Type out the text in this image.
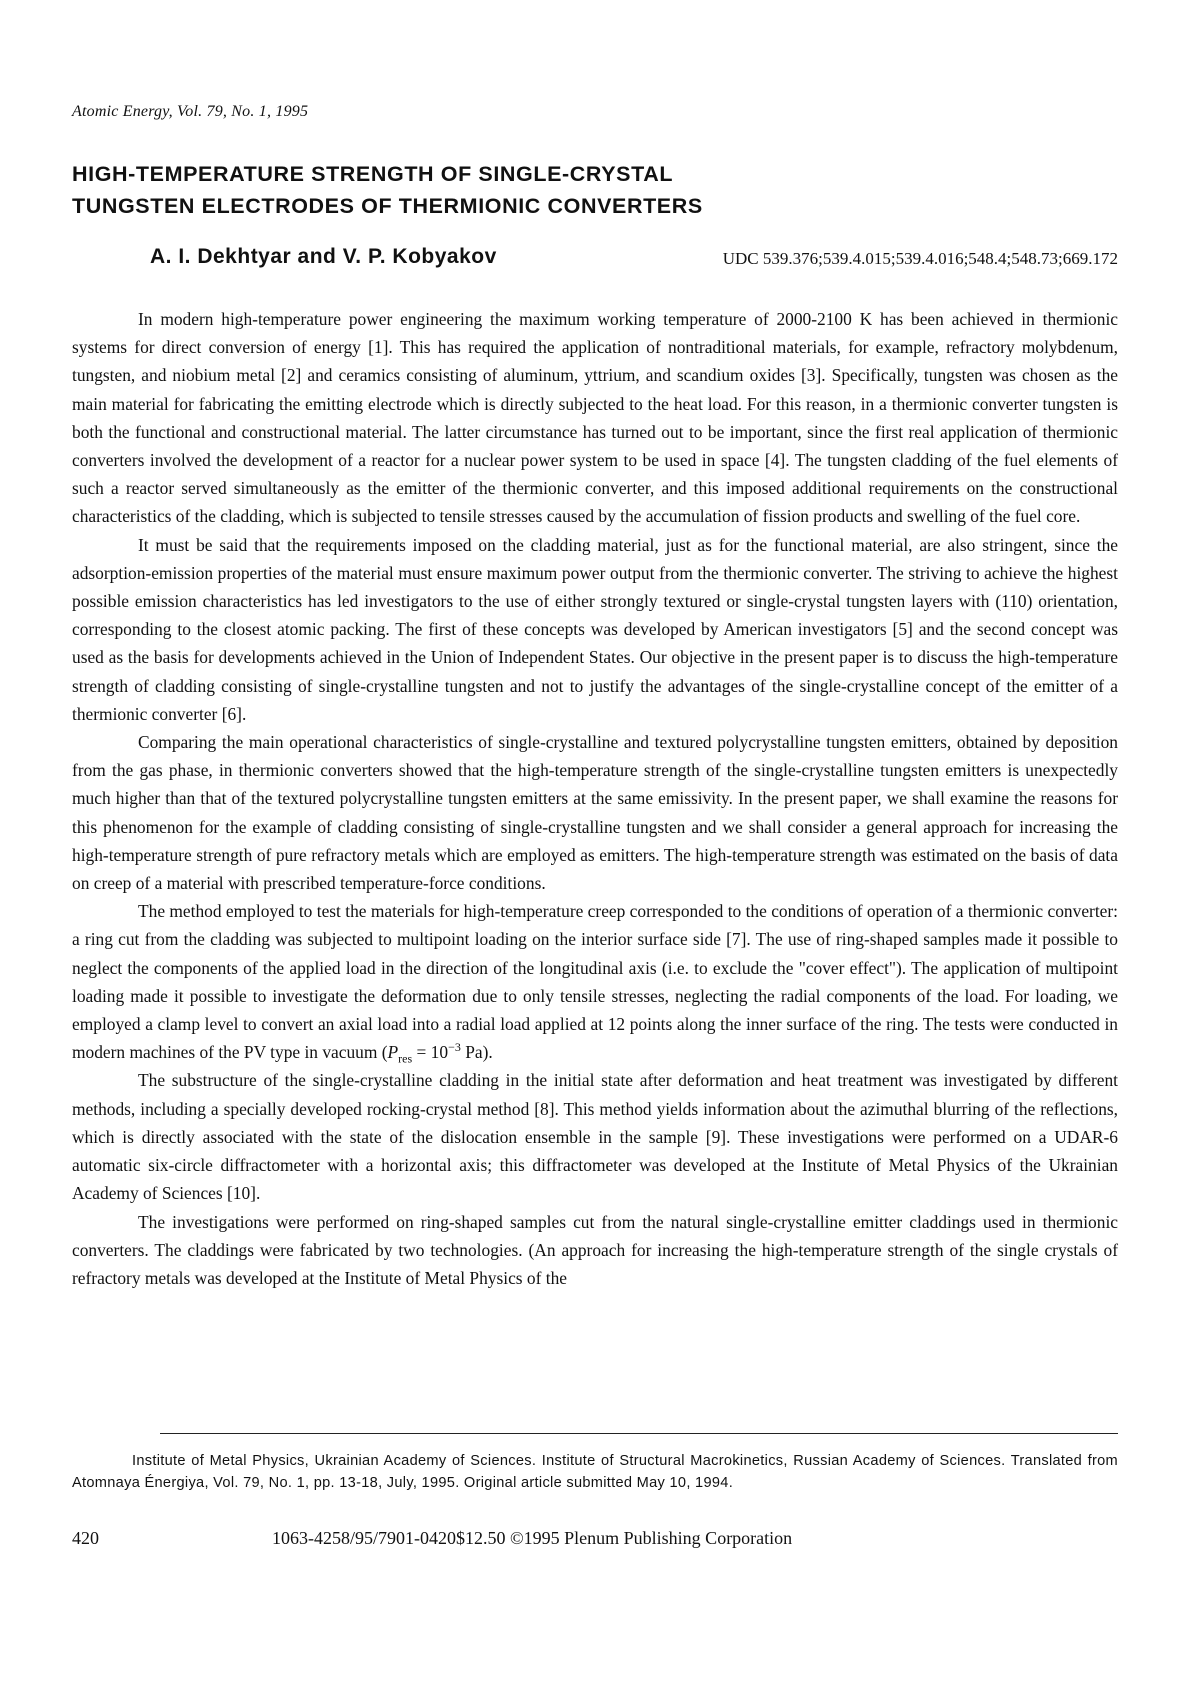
Atomic Energy, Vol. 79, No. 1, 1995
HIGH-TEMPERATURE STRENGTH OF SINGLE-CRYSTAL
TUNGSTEN ELECTRODES OF THERMIONIC CONVERTERS
A. I. Dekhtyar and V. P. Kobyakov	UDC 539.376;539.4.015;539.4.016;548.4;548.73;669.172

In modern high-temperature power engineering the maximum working temperature of 2000-2100 K has been achieved in thermionic systems for direct conversion of energy [1]. This has required the application of nontraditional materials, for example, refractory molybdenum, tungsten, and niobium metal [2] and ceramics consisting of aluminum, yttrium, and scandium oxides [3]. Specifically, tungsten was chosen as the main material for fabricating the emitting electrode which is directly subjected to the heat load. For this reason, in a thermionic converter tungsten is both the functional and constructional material. The latter circumstance has turned out to be important, since the first real application of thermionic converters involved the development of a reactor for a nuclear power system to be used in space [4]. The tungsten cladding of the fuel elements of such a reactor served simultaneously as the emitter of the thermionic converter, and this imposed additional requirements on the constructional characteristics of the cladding, which is subjected to tensile stresses caused by the accumulation of fission products and swelling of the fuel core.

It must be said that the requirements imposed on the cladding material, just as for the functional material, are also stringent, since the adsorption-emission properties of the material must ensure maximum power output from the thermionic converter. The striving to achieve the highest possible emission characteristics has led investigators to the use of either strongly textured or single-crystal tungsten layers with (110) orientation, corresponding to the closest atomic packing. The first of these concepts was developed by American investigators [5] and the second concept was used as the basis for developments achieved in the Union of Independent States. Our objective in the present paper is to discuss the high-temperature strength of cladding consisting of single-crystalline tungsten and not to justify the advantages of the single-crystalline concept of the emitter of a thermionic converter [6].

Comparing the main operational characteristics of single-crystalline and textured polycrystalline tungsten emitters, obtained by deposition from the gas phase, in thermionic converters showed that the high-temperature strength of the single-crystalline tungsten emitters is unexpectedly much higher than that of the textured polycrystalline tungsten emitters at the same emissivity. In the present paper, we shall examine the reasons for this phenomenon for the example of cladding consisting of single-crystalline tungsten and we shall consider a general approach for increasing the high-temperature strength of pure refractory metals which are employed as emitters. The high-temperature strength was estimated on the basis of data on creep of a material with prescribed temperature-force conditions.

The method employed to test the materials for high-temperature creep corresponded to the conditions of operation of a thermionic converter: a ring cut from the cladding was subjected to multipoint loading on the interior surface side [7]. The use of ring-shaped samples made it possible to neglect the components of the applied load in the direction of the longitudinal axis (i.e. to exclude the "cover effect"). The application of multipoint loading made it possible to investigate the deformation due to only tensile stresses, neglecting the radial components of the load. For loading, we employed a clamp level to convert an axial load into a radial load applied at 12 points along the inner surface of the ring. The tests were conducted in modern machines of the PV type in vacuum ($P_{res} = 10^{-3}$ Pa).

The substructure of the single-crystalline cladding in the initial state after deformation and heat treatment was investigated by different methods, including a specially developed rocking-crystal method [8]. This method yields information about the azimuthal blurring of the reflections, which is directly associated with the state of the dislocation ensemble in the sample [9]. These investigations were performed on a UDAR-6 automatic six-circle diffractometer with a horizontal axis; this diffractometer was developed at the Institute of Metal Physics of the Ukrainian Academy of Sciences [10].

The investigations were performed on ring-shaped samples cut from the natural single-crystalline emitter claddings used in thermionic converters. The claddings were fabricated by two technologies. (An approach for increasing the high-temperature strength of the single crystals of refractory metals was developed at the Institute of Metal Physics of the

Institute of Metal Physics, Ukrainian Academy of Sciences. Institute of Structural Macrokinetics, Russian Academy of Sciences. Translated from Atomnaya Énergiya, Vol. 79, No. 1, pp. 13-18, July, 1995. Original article submitted May 10, 1994.

420	1063-4258/95/7901-0420$12.50 ©1995 Plenum Publishing Corporation
